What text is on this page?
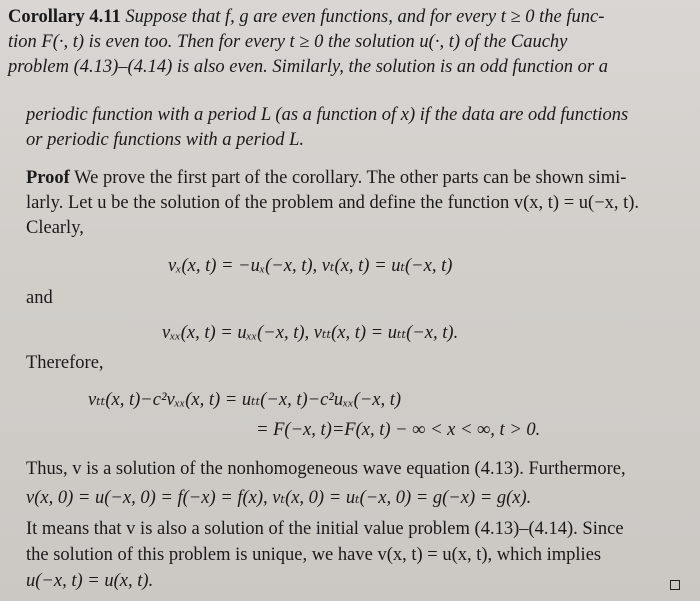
Corollary 4.11 Suppose that f, g are even functions, and for every t ≥ 0 the func-
tion F(·, t) is even too. Then for every t ≥ 0 the solution u(·, t) of the Cauchy
problem (4.13)–(4.14) is also even. Similarly, the solution is an odd function or a
periodic function with a period L (as a function of x) if the data are odd functions
or periodic functions with a period L.
Proof We prove the first part of the corollary. The other parts can be shown simi-
larly. Let u be the solution of the problem and define the function v(x, t) = u(−x, t).
Clearly,
vₓ(x, t) = −uₓ(−x, t), vₜ(x, t) = uₜ(−x, t)
and
vₓₓ(x, t) = uₓₓ(−x, t), vₜₜ(x, t) = uₜₜ(−x, t).
Therefore,
vₜₜ(x, t)−c²vₓₓ(x, t) = uₜₜ(−x, t)−c²uₓₓ(−x, t)
= F(−x, t)=F(x, t) − ∞ < x < ∞, t > 0.
Thus, v is a solution of the nonhomogeneous wave equation (4.13). Furthermore,
v(x, 0) = u(−x, 0) = f(−x) = f(x), vₜ(x, 0) = uₜ(−x, 0) = g(−x) = g(x).
It means that v is also a solution of the initial value problem (4.13)–(4.14). Since
the solution of this problem is unique, we have v(x, t) = u(x, t), which implies
u(−x, t) = u(x, t).
